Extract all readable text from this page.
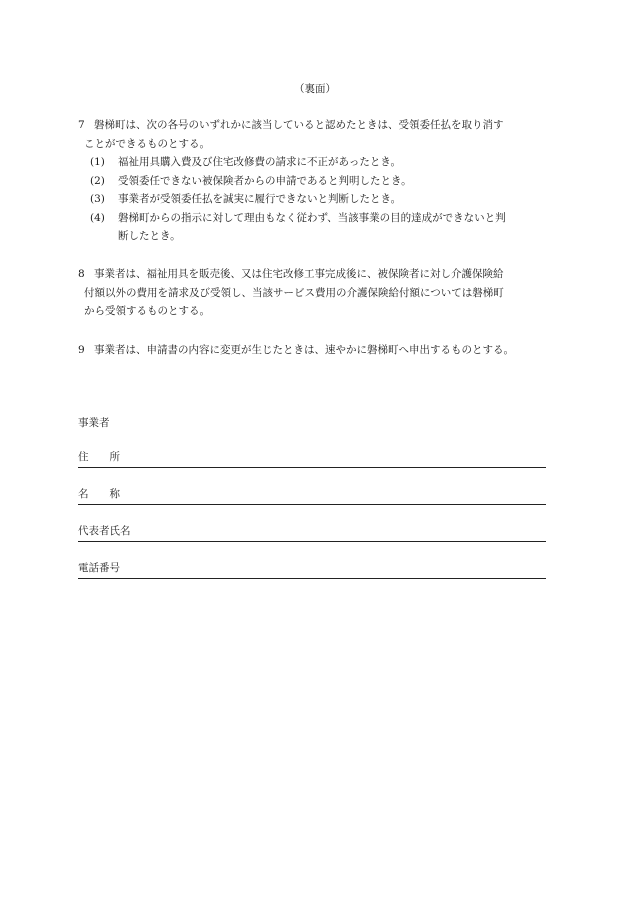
（裏面）
7 磐梯町は、次の各号のいずれかに該当していると認めたときは、受領委任払を取り消す
ことができるものとする。
(1) 福祉用具購入費及び住宅改修費の請求に不正があったとき。
(2) 受領委任できない被保険者からの申請であると判明したとき。
(3) 事業者が受領委任払を誠実に履行できないと判断したとき。
(4) 磐梯町からの指示に対して理由もなく従わず、当該事業の目的達成ができないと判
断したとき。
8 事業者は、福祉用具を販売後、又は住宅改修工事完成後に、被保険者に対し介護保険給
付額以外の費用を請求及び受領し、当該サービス費用の介護保険給付額については磐梯町
から受領するものとする。
9 事業者は、申請書の内容に変更が生じたときは、速やかに磐梯町へ申出するものとする。
事業者
住　　所
名　　称
代表者氏名
電話番号
